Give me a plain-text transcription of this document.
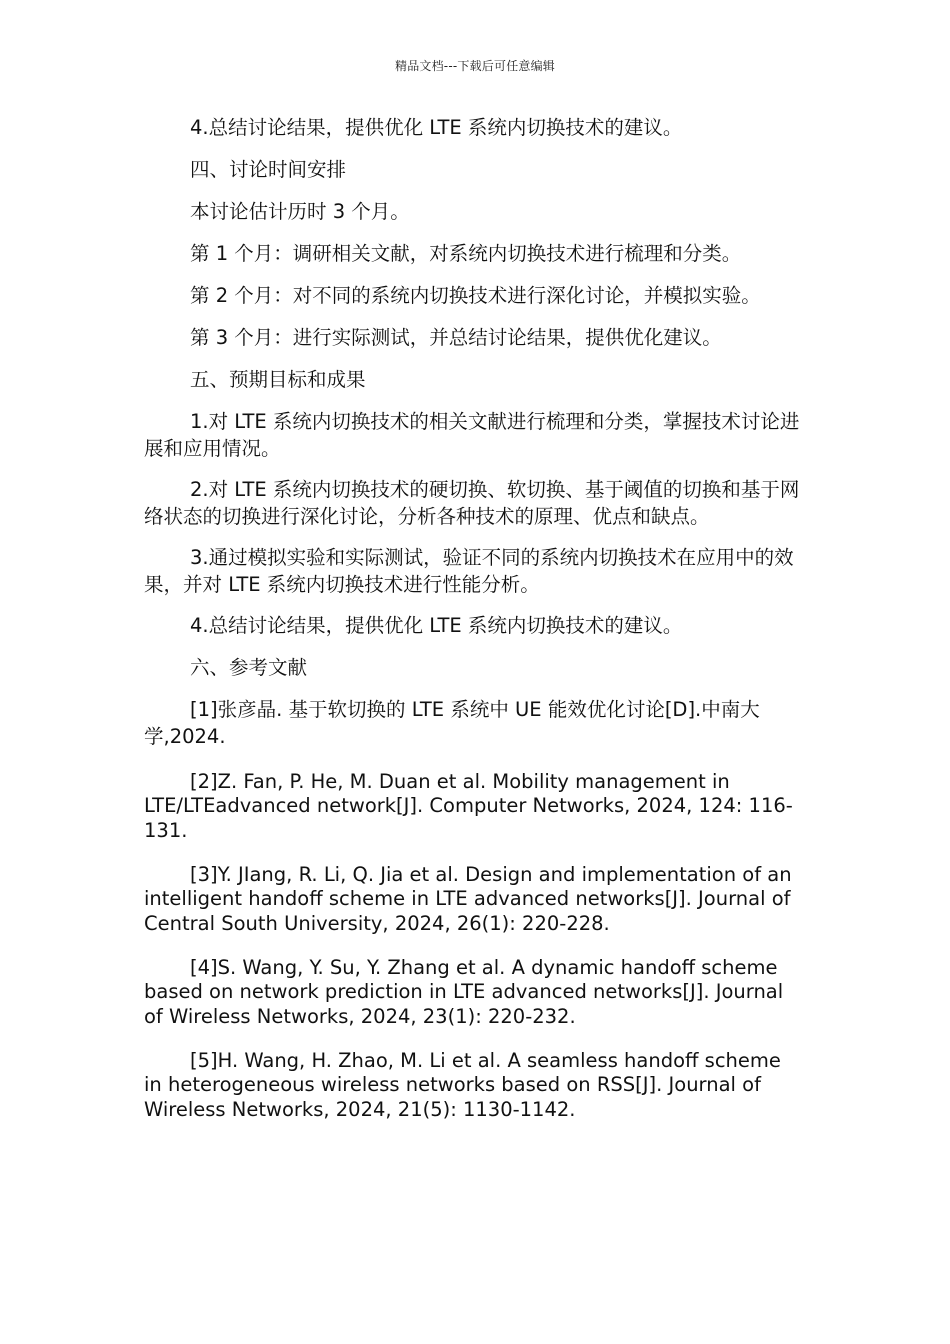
精品文档---下载后可任意编辑

4.总结讨论结果，提供优化 LTE 系统内切换技术的建议。

四、讨论时间安排

本讨论估计历时 3 个月。

第 1 个月：调研相关文献，对系统内切换技术进行梳理和分类。

第 2 个月：对不同的系统内切换技术进行深化讨论，并模拟实验。

第 3 个月：进行实际测试，并总结讨论结果，提供优化建议。

五、预期目标和成果

1.对 LTE 系统内切换技术的相关文献进行梳理和分类，掌握技术讨论进展和应用情况。

2.对 LTE 系统内切换技术的硬切换、软切换、基于阈值的切换和基于网络状态的切换进行深化讨论，分析各种技术的原理、优点和缺点。

3.通过模拟实验和实际测试，验证不同的系统内切换技术在应用中的效果，并对 LTE 系统内切换技术进行性能分析。

4.总结讨论结果，提供优化 LTE 系统内切换技术的建议。

六、参考文献

[1]张彦晶. 基于软切换的 LTE 系统中 UE 能效优化讨论[D].中南大学,2024.

[2]Z. Fan, P. He, M. Duan et al. Mobility management in LTE/LTEadvanced network[J]. Computer Networks, 2024, 124: 116-131.

[3]Y. JIang, R. Li, Q. Jia et al. Design and implementation of an intelligent handoff scheme in LTE advanced networks[J]. Journal of Central South University, 2024, 26(1): 220-228.

[4]S. Wang, Y. Su, Y. Zhang et al. A dynamic handoff scheme based on network prediction in LTE advanced networks[J]. Journal of Wireless Networks, 2024, 23(1): 220-232.

[5]H. Wang, H. Zhao, M. Li et al. A seamless handoff scheme in heterogeneous wireless networks based on RSS[J]. Journal of Wireless Networks, 2024, 21(5): 1130-1142.
